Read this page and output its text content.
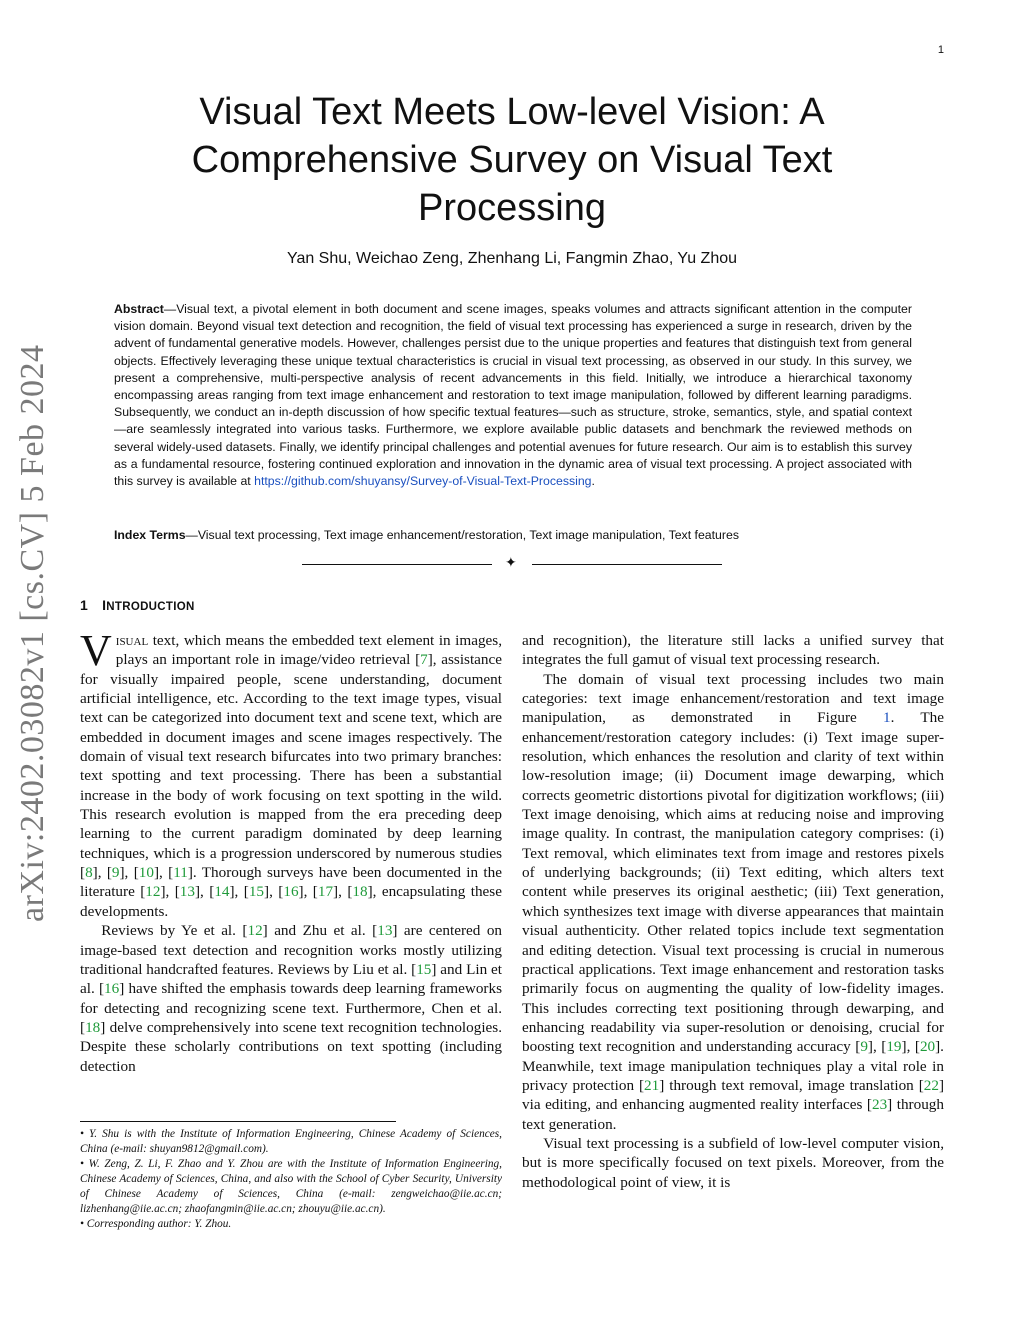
1
arXiv:2402.03082v1 [cs.CV] 5 Feb 2024
Visual Text Meets Low-level Vision: A Comprehensive Survey on Visual Text Processing
Yan Shu, Weichao Zeng, Zhenhang Li, Fangmin Zhao, Yu Zhou

Abstract—Visual text, a pivotal element in both document and scene images, speaks volumes and attracts significant attention in the computer vision domain. Beyond visual text detection and recognition, the field of visual text processing has experienced a surge in research, driven by the advent of fundamental generative models. However, challenges persist due to the unique properties and features that distinguish text from general objects. Effectively leveraging these unique textual characteristics is crucial in visual text processing, as observed in our study. In this survey, we present a comprehensive, multi-perspective analysis of recent advancements in this field. Initially, we introduce a hierarchical taxonomy encompassing areas ranging from text image enhancement and restoration to text image manipulation, followed by different learning paradigms. Subsequently, we conduct an in-depth discussion of how specific textual features—such as structure, stroke, semantics, style, and spatial context—are seamlessly integrated into various tasks. Furthermore, we explore available public datasets and benchmark the reviewed methods on several widely-used datasets. Finally, we identify principal challenges and potential avenues for future research. Our aim is to establish this survey as a fundamental resource, fostering continued exploration and innovation in the dynamic area of visual text processing. A project associated with this survey is available at https://github.com/shuyansy/Survey-of-Visual-Text-Processing.

Index Terms—Visual text processing, Text image enhancement/restoration, Text image manipulation, Text features

✦
1 INTRODUCTION

Visual text, which means the embedded text element in images, plays an important role in image/video retrieval [7], assistance for visually impaired people, scene understanding, document artificial intelligence, etc. According to the text image types, visual text can be categorized into document text and scene text, which are embedded in document images and scene images respectively. The domain of visual text research bifurcates into two primary branches: text spotting and text processing. There has been a substantial increase in the body of work focusing on text spotting in the wild. This research evolution is mapped from the era preceding deep learning to the current paradigm dominated by deep learning techniques, which is a progression underscored by numerous studies [8], [9], [10], [11]. Thorough surveys have been documented in the literature [12], [13], [14], [15], [16], [17], [18], encapsulating these developments.

Reviews by Ye et al. [12] and Zhu et al. [13] are centered on image-based text detection and recognition works mostly utilizing traditional handcrafted features. Reviews by Liu et al. [15] and Lin et al. [16] have shifted the emphasis towards deep learning frameworks for detecting and recognizing scene text. Furthermore, Chen et al. [18] delve comprehensively into scene text recognition technologies. Despite these scholarly contributions on text spotting (including detection

• Y. Shu is with the Institute of Information Engineering, Chinese Academy of Sciences, China (e-mail: shuyan9812@gmail.com).

• W. Zeng, Z. Li, F. Zhao and Y. Zhou are with the Institute of Information Engineering, Chinese Academy of Sciences, China, and also with the School of Cyber Security, University of Chinese Academy of Sciences, China (e-mail: zengweichao@iie.ac.cn; lizhenhang@iie.ac.cn; zhaofangmin@iie.ac.cn; zhouyu@iie.ac.cn).

• Corresponding author: Y. Zhou.

and recognition), the literature still lacks a unified survey that integrates the full gamut of visual text processing research.

The domain of visual text processing includes two main categories: text image enhancement/restoration and text image manipulation, as demonstrated in Figure 1. The enhancement/restoration category includes: (i) Text image super-resolution, which enhances the resolution and clarity of text within low-resolution image; (ii) Document image dewarping, which corrects geometric distortions pivotal for digitization workflows; (iii) Text image denoising, which aims at reducing noise and improving image quality. In contrast, the manipulation category comprises: (i) Text removal, which eliminates text from image and restores pixels of underlying backgrounds; (ii) Text editing, which alters text content while preserves its original aesthetic; (iii) Text generation, which synthesizes text image with diverse appearances that maintain visual authenticity. Other related topics include text segmentation and editing detection. Visual text processing is crucial in numerous practical applications. Text image enhancement and restoration tasks primarily focus on augmenting the quality of low-fidelity images. This includes correcting text positioning through dewarping, and enhancing readability via super-resolution or denoising, crucial for boosting text recognition and understanding accuracy [9], [19], [20]. Meanwhile, text image manipulation techniques play a vital role in privacy protection [21] through text removal, image translation [22] via editing, and enhancing augmented reality interfaces [23] through text generation.

Visual text processing is a subfield of low-level computer vision, but is more specifically focused on text pixels. Moreover, from the methodological point of view, it is
